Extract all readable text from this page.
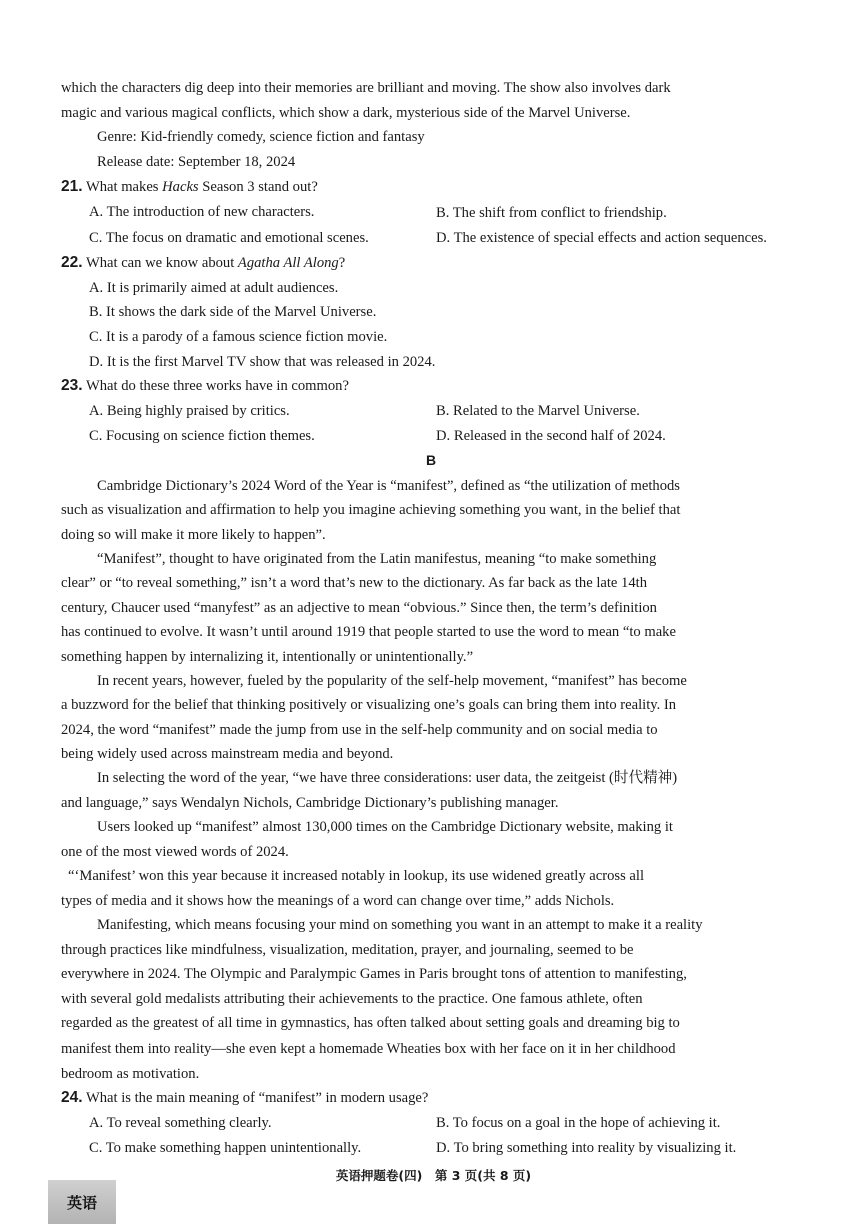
which the characters dig deep into their memories are brilliant and moving. The show also involves dark
magic and various magical conflicts, which show a dark, mysterious side of the Marvel Universe.
Genre: Kid-friendly comedy, science fiction and fantasy
Release date: September 18, 2024
21. What makes Hacks Season 3 stand out?
A. The introduction of new characters.	B. The shift from conflict to friendship.
C. The focus on dramatic and emotional scenes.	D. The existence of special effects and action sequences.
22. What can we know about Agatha All Along?
A. It is primarily aimed at adult audiences.
B. It shows the dark side of the Marvel Universe.
C. It is a parody of a famous science fiction movie.
D. It is the first Marvel TV show that was released in 2024.
23. What do these three works have in common?
A. Being highly praised by critics.	B. Related to the Marvel Universe.
C. Focusing on science fiction themes.	D. Released in the second half of 2024.
B
Cambridge Dictionary’s 2024 Word of the Year is “manifest”, defined as “the utilization of methods
such as visualization and affirmation to help you imagine achieving something you want, in the belief that
doing so will make it more likely to happen”.
“Manifest”, thought to have originated from the Latin manifestus, meaning “to make something
clear” or “to reveal something,” isn’t a word that’s new to the dictionary. As far back as the late 14th
century, Chaucer used “manyfest” as an adjective to mean “obvious.” Since then, the term’s definition
has continued to evolve. It wasn’t until around 1919 that people started to use the word to mean “to make
something happen by internalizing it, intentionally or unintentionally.”
In recent years, however, fueled by the popularity of the self-help movement, “manifest” has become
a buzzword for the belief that thinking positively or visualizing one’s goals can bring them into reality. In
2024, the word “manifest” made the jump from use in the self-help community and on social media to
being widely used across mainstream media and beyond.
In selecting the word of the year, “we have three considerations: user data, the zeitgeist (时代精神)
and language,” says Wendalyn Nichols, Cambridge Dictionary’s publishing manager.
Users looked up “manifest” almost 130,000 times on the Cambridge Dictionary website, making it
one of the most viewed words of 2024.
“‘Manifest’ won this year because it increased notably in lookup, its use widened greatly across all
types of media and it shows how the meanings of a word can change over time,” adds Nichols.
Manifesting, which means focusing your mind on something you want in an attempt to make it a reality
through practices like mindfulness, visualization, meditation, prayer, and journaling, seemed to be
everywhere in 2024. The Olympic and Paralympic Games in Paris brought tons of attention to manifesting,
with several gold medalists attributing their achievements to the practice. One famous athlete, often
regarded as the greatest of all time in gymnastics, has often talked about setting goals and dreaming big to
manifest them into reality—she even kept a homemade Wheaties box with her face on it in her childhood
bedroom as motivation.
24. What is the main meaning of “manifest” in modern usage?
A. To reveal something clearly.	B. To focus on a goal in the hope of achieving it.
C. To make something happen unintentionally.	D. To bring something into reality by visualizing it.
英语押题卷(四)　第 3 页(共 8 页)
英语
